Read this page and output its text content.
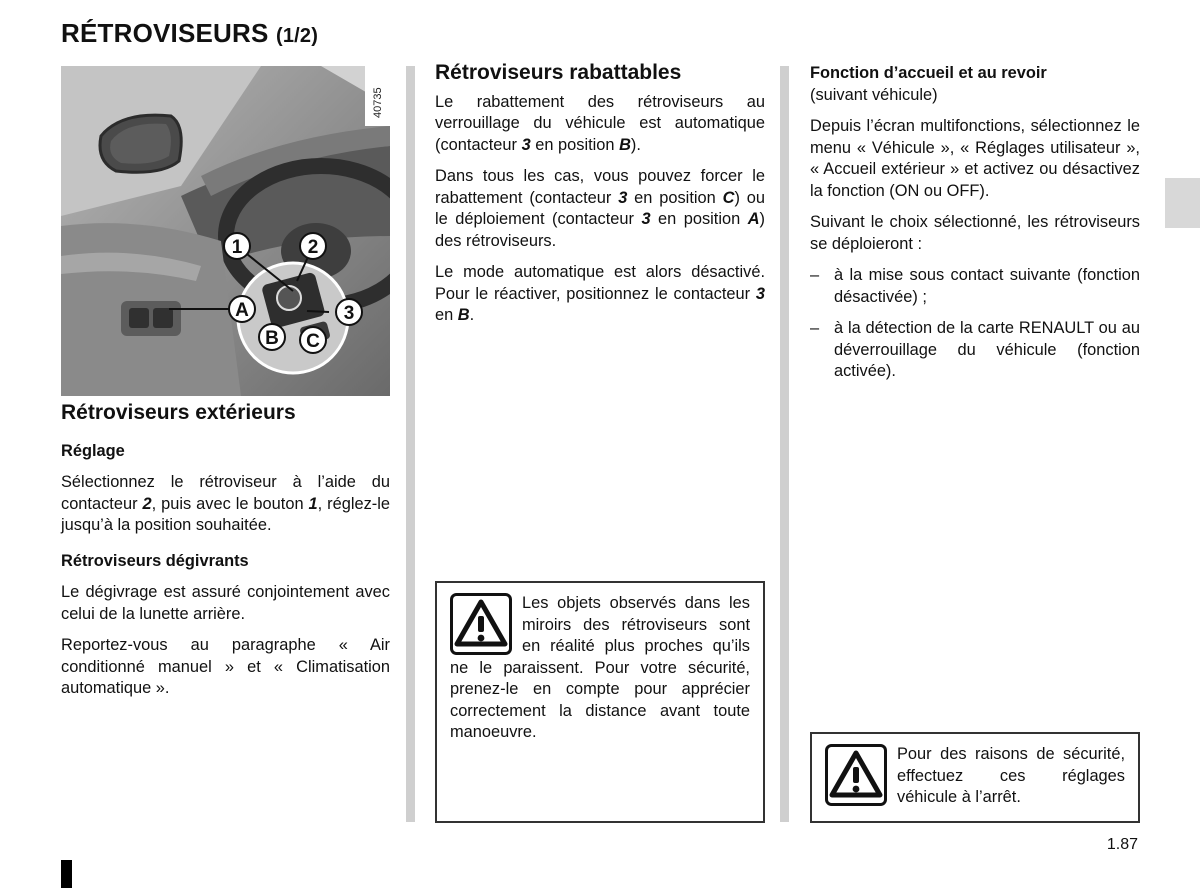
RÉTROVISEURS (1/2)
1	2
A	3
B C
40735
Rétroviseurs extérieurs
Réglage

Sélectionnez le rétroviseur à l’aide du contacteur 2, puis avec le bouton 1, réglez-le jusqu’à la position souhaitée.

Rétroviseurs dégivrants

Le dégivrage est assuré conjointement avec celui de la lunette arrière.

Reportez-vous au paragraphe « Air conditionné manuel » et « Climatisation automatique ».

Rétroviseurs rabattables

Le rabattement des rétroviseurs au verrouillage du véhicule est automatique (contacteur 3 en position B).

Dans tous les cas, vous pouvez forcer le rabattement (contacteur 3 en position C) ou le déploiement (contacteur 3 en position A) des rétroviseurs.

Le mode automatique est alors désactivé. Pour le réactiver, positionnez le contacteur 3 en B.

Les objets observés dans les miroirs des rétroviseurs sont en réalité plus proches qu’ils ne le paraissent. Pour votre sécurité, prenez-le en compte pour apprécier correctement la distance avant toute manoeuvre.
Fonction d’accueil et au revoir

(suivant véhicule)

Depuis l’écran multifonctions, sélectionnez le menu « Véhicule », « Réglages utilisateur », « Accueil extérieur » et activez ou désactivez la fonction (ON ou OFF).

Suivant le choix sélectionné, les rétroviseurs se déploieront :

– à la mise sous contact suivante (fonction désactivée) ;
– à la détection de la carte RENAULT ou au déverrouillage du véhicule (fonction activée).
Pour des raisons de sécurité, effectuez ces réglages véhicule à l’arrêt.
1.87
